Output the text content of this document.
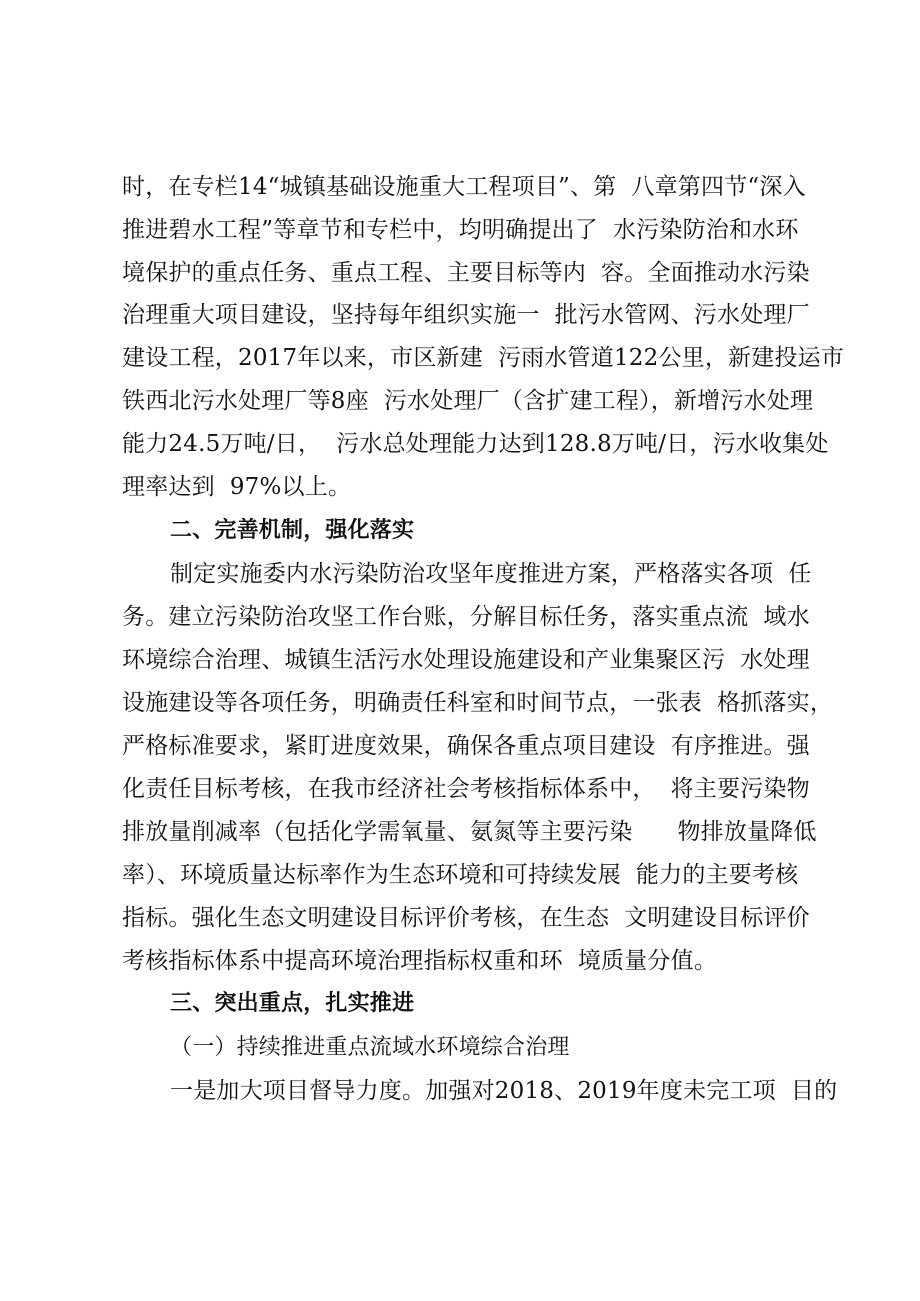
时，在专栏14“城镇基础设施重大工程项目”、第  八章第四节“深入
推进碧水工程”等章节和专栏中，均明确提出了  水污染防治和水环
境保护的重点任务、重点工程、主要目标等内  容。全面推动水污染
治理重大项目建设，坚持每年组织实施一  批污水管网、污水处理厂
建设工程，2017年以来，市区新建  污雨水管道122公里，新建投运市
铁西北污水处理厂等8座  污水处理厂（含扩建工程），新增污水处理
能力24.5万吨/日，  污水总处理能力达到128.8万吨/日，污水收集处
理率达到  97%以上。
二、完善机制，强化落实
制定实施委内水污染防治攻坚年度推进方案，严格落实各项  任
务。建立污染防治攻坚工作台账，分解目标任务，落实重点流  域水
环境综合治理、城镇生活污水处理设施建设和产业集聚区污  水处理
设施建设等各项任务，明确责任科室和时间节点，一张表  格抓落实，
严格标准要求，紧盯进度效果，确保各重点项目建设  有序推进。强
化责任目标考核，在我市经济社会考核指标体系中，  将主要污染物
排放量削减率（包括化学需氧量、氨氮等主要污染      物排放量降低
率）、环境质量达标率作为生态环境和可持续发展  能力的主要考核
指标。强化生态文明建设目标评价考核，在生态  文明建设目标评价
考核指标体系中提高环境治理指标权重和环  境质量分值。
三、突出重点，扎实推进
（一）持续推进重点流域水环境综合治理
一是加大项目督导力度。加强对2018、2019年度未完工项  目的
